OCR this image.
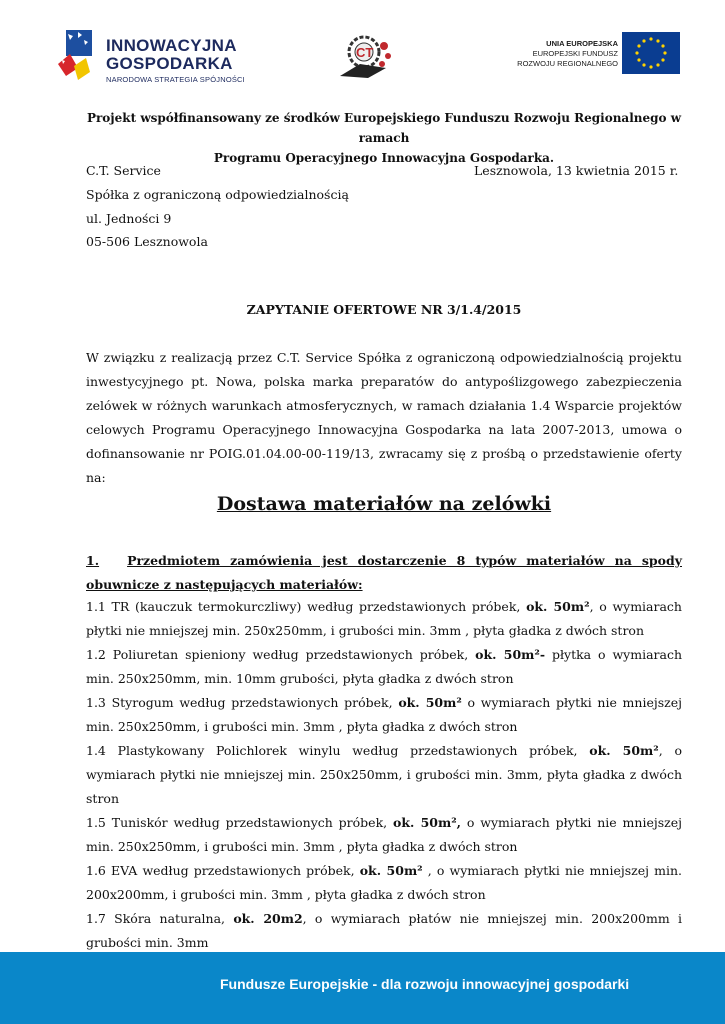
INNOWACYJNA
GOSPODARKA
NARODOWA STRATEGIA SPÓJNOŚCI
CT
UNIA EUROPEJSKA
EUROPEJSKI FUNDUSZ
ROZWOJU REGIONALNEGO
Projekt współfinansowany ze środków Europejskiego Funduszu Rozwoju Regionalnego w ramach
Programu Operacyjnego Innowacyjna Gospodarka.
C.T. Service
Spółka z ograniczoną odpowiedzialnością
ul. Jedności 9
05-506 Lesznowola
Lesznowola, 13 kwietnia 2015 r.
ZAPYTANIE OFERTOWE NR 3/1.4/2015
W związku z realizacją przez C.T. Service Spółka z ograniczoną odpowiedzialnością projektu inwestycyjnego pt. Nowa, polska marka preparatów do antypoślizgowego zabezpieczenia zelówek w różnych warunkach atmosferycznych, w ramach działania 1.4 Wsparcie projektów celowych Programu Operacyjnego Innowacyjna Gospodarka na lata 2007-2013, umowa o dofinansowanie nr POIG.01.04.00-00-119/13, zwracamy się z prośbą o przedstawienie oferty na:
Dostawa materiałów na zelówki
1. Przedmiotem zamówienia jest dostarczenie 8 typów materiałów na spody obuwnicze z następujących materiałów:

1.1 TR (kauczuk termokurczliwy) według przedstawionych próbek, ok. 50m², o wymiarach płytki nie mniejszej min. 250x250mm, i grubości min. 3mm , płyta gładka z dwóch stron

1.2 Poliuretan spieniony według przedstawionych próbek, ok. 50m²- płytka o wymiarach min. 250x250mm, min. 10mm grubości, płyta gładka z dwóch stron

1.3 Styrogum według przedstawionych próbek, ok. 50m² o wymiarach płytki nie mniejszej min. 250x250mm, i grubości min. 3mm , płyta gładka z dwóch stron

1.4 Plastykowany Polichlorek winylu według przedstawionych próbek, ok. 50m², o wymiarach płytki nie mniejszej min. 250x250mm, i grubości min. 3mm, płyta gładka z dwóch stron

1.5 Tuniskór według przedstawionych próbek, ok. 50m², o wymiarach płytki nie mniejszej min. 250x250mm, i grubości min. 3mm , płyta gładka z dwóch stron

1.6 EVA według przedstawionych próbek, ok. 50m² , o wymiarach płytki nie mniejszej min. 200x200mm, i grubości min. 3mm , płyta gładka z dwóch stron

1.7 Skóra naturalna, ok. 20m2, o wymiarach płatów nie mniejszej min. 200x200mm i grubości min. 3mm

Fundusze Europejskie - dla rozwoju innowacyjnej gospodarki
